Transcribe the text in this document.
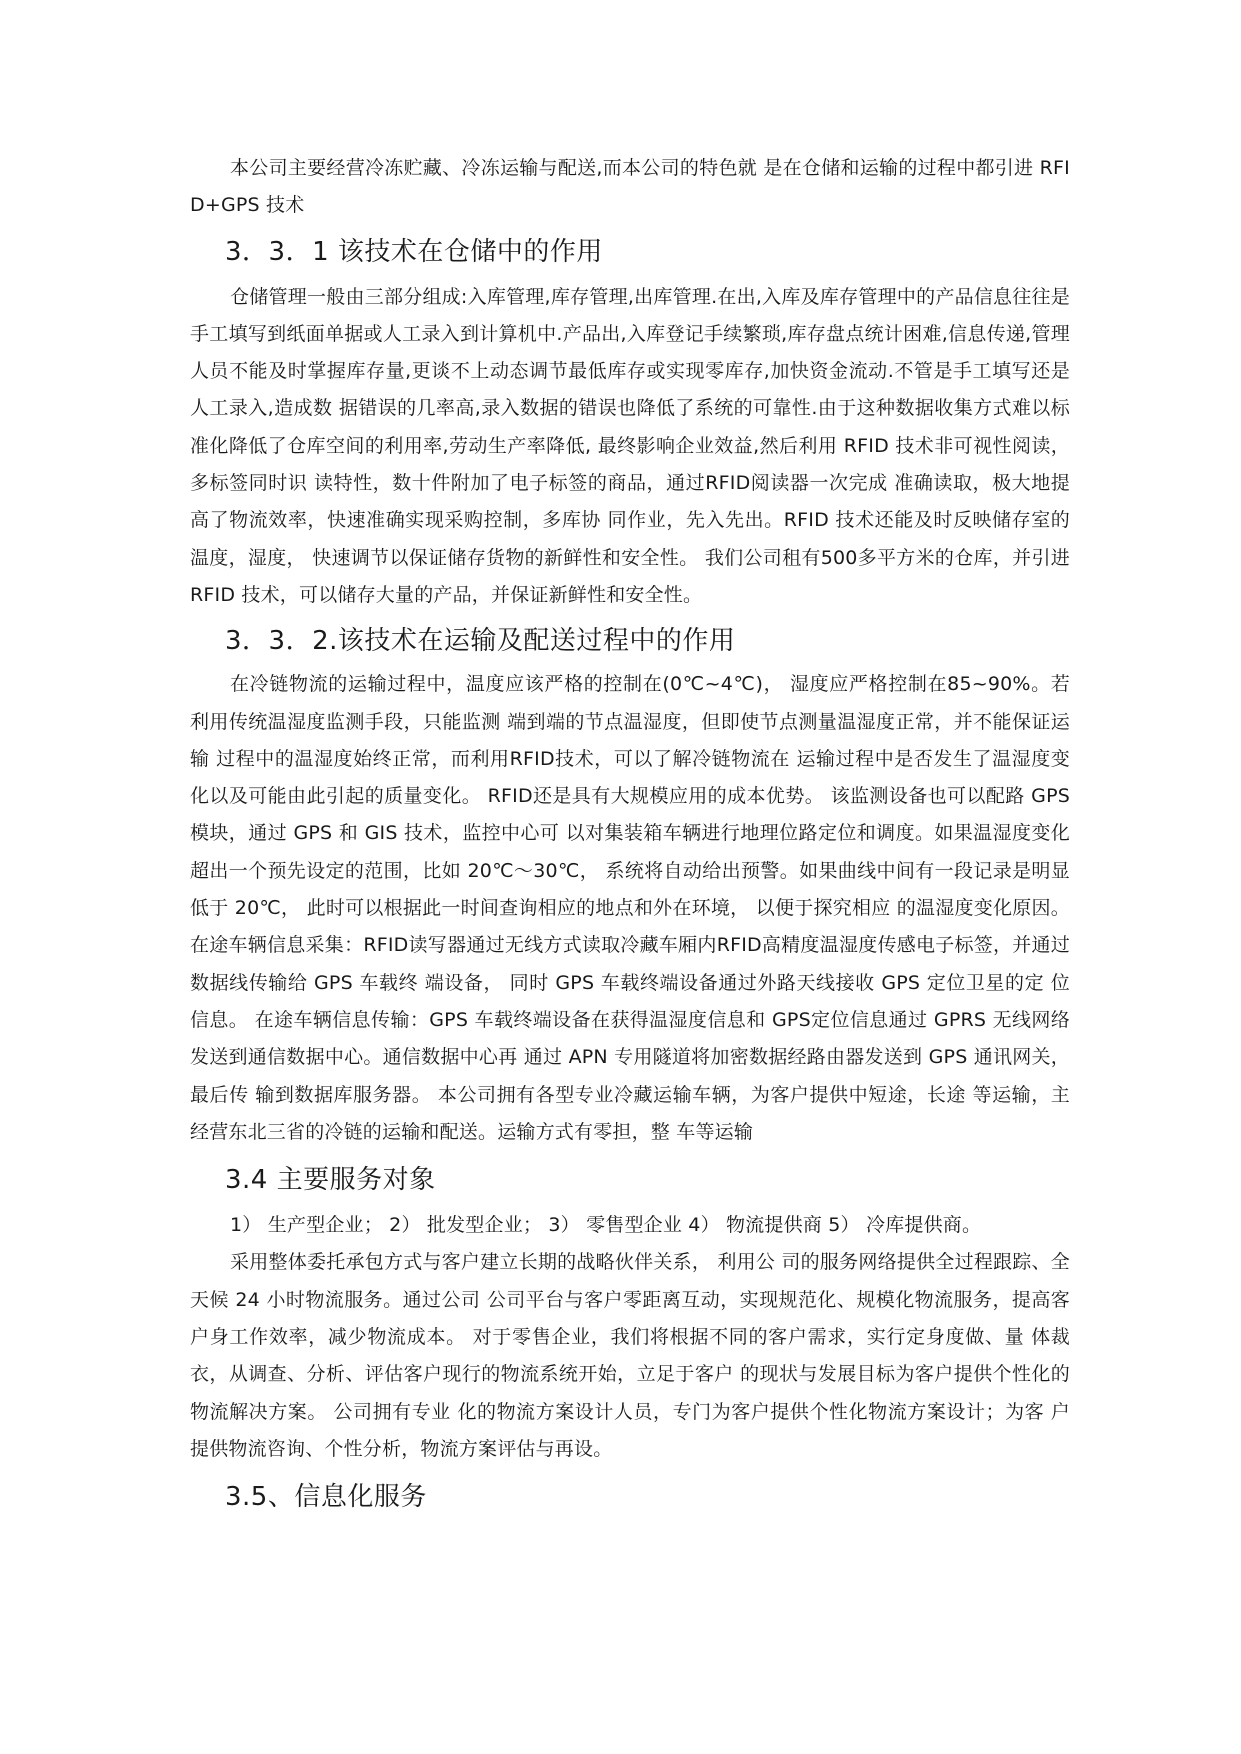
本公司主要经营冷冻贮藏、冷冻运输与配送,而本公司的特色就 是在仓储和运输的过程中都引进 RFID+GPS 技术

3．3．1 该技术在仓储中的作用

仓储管理一般由三部分组成:入库管理,库存管理,出库管理.在出,入库及库存管理中的产品信息往往是手工填写到纸面单据或人工录入到计算机中.产品出,入库登记手续繁琐,库存盘点统计困难,信息传递,管理人员不能及时掌握库存量,更谈不上动态调节最低库存或实现零库存,加快资金流动.不管是手工填写还是人工录入,造成数 据错误的几率高,录入数据的错误也降低了系统的可靠性.由于这种数据收集方式难以标准化降低了仓库空间的利用率,劳动生产率降低, 最终影响企业效益,然后利用 RFID 技术非可视性阅读， 多标签同时识 读特性，数十件附加了电子标签的商品，通过RFID阅读器一次完成 准确读取，极大地提高了物流效率，快速准确实现采购控制，多库协 同作业，先入先出。RFID 技术还能及时反映储存室的温度，湿度， 快速调节以保证储存货物的新鲜性和安全性。 我们公司租有500多平方米的仓库，并引进 RFID 技术，可以储存大量的产品，并保证新鲜性和安全性。

3．3．2.该技术在运输及配送过程中的作用

在冷链物流的运输过程中，温度应该严格的控制在(0℃~4℃)， 湿度应严格控制在85~90%。若利用传统温湿度监测手段，只能监测 端到端的节点温湿度，但即使节点测量温湿度正常，并不能保证运输 过程中的温湿度始终正常，而利用RFID技术，可以了解冷链物流在 运输过程中是否发生了温湿度变化以及可能由此引起的质量变化。 RFID还是具有大规模应用的成本优势。 该监测设备也可以配路 GPS 模块，通过 GPS 和 GIS 技术，监控中心可 以对集装箱车辆进行地理位路定位和调度。如果温湿度变化超出一个预先设定的范围，比如 20℃～30℃， 系统将自动给出预警。如果曲线中间有一段记录是明显低于 20℃， 此时可以根据此一时间查询相应的地点和外在环境， 以便于探究相应 的温湿度变化原因。 在途车辆信息采集：RFID读写器通过无线方式读取冷藏车厢内RFID高精度温湿度传感电子标签，并通过数据线传输给 GPS 车载终 端设备， 同时 GPS 车载终端设备通过外路天线接收 GPS 定位卫星的定 位信息。 在途车辆信息传输：GPS 车载终端设备在获得温湿度信息和 GPS定位信息通过 GPRS 无线网络发送到通信数据中心。通信数据中心再 通过 APN 专用隧道将加密数据经路由器发送到 GPS 通讯网关， 最后传 输到数据库服务器。 本公司拥有各型专业冷藏运输车辆，为客户提供中短途，长途 等运输，主经营东北三省的冷链的运输和配送。运输方式有零担，整 车等运输

3.4 主要服务对象

1） 生产型企业； 2） 批发型企业； 3） 零售型企业 4） 物流提供商 5） 冷库提供商。

采用整体委托承包方式与客户建立长期的战略伙伴关系， 利用公 司的服务网络提供全过程跟踪、全天候 24 小时物流服务。通过公司 公司平台与客户零距离互动，实现规范化、规模化物流服务，提高客 户身工作效率，减少物流成本。 对于零售企业，我们将根据不同的客户需求，实行定身度做、量 体裁衣，从调查、分析、评估客户现行的物流系统开始，立足于客户 的现状与发展目标为客户提供个性化的物流解决方案。 公司拥有专业 化的物流方案设计人员，专门为客户提供个性化物流方案设计；为客 户提供物流咨询、个性分析，物流方案评估与再设。

3.5、信息化服务
